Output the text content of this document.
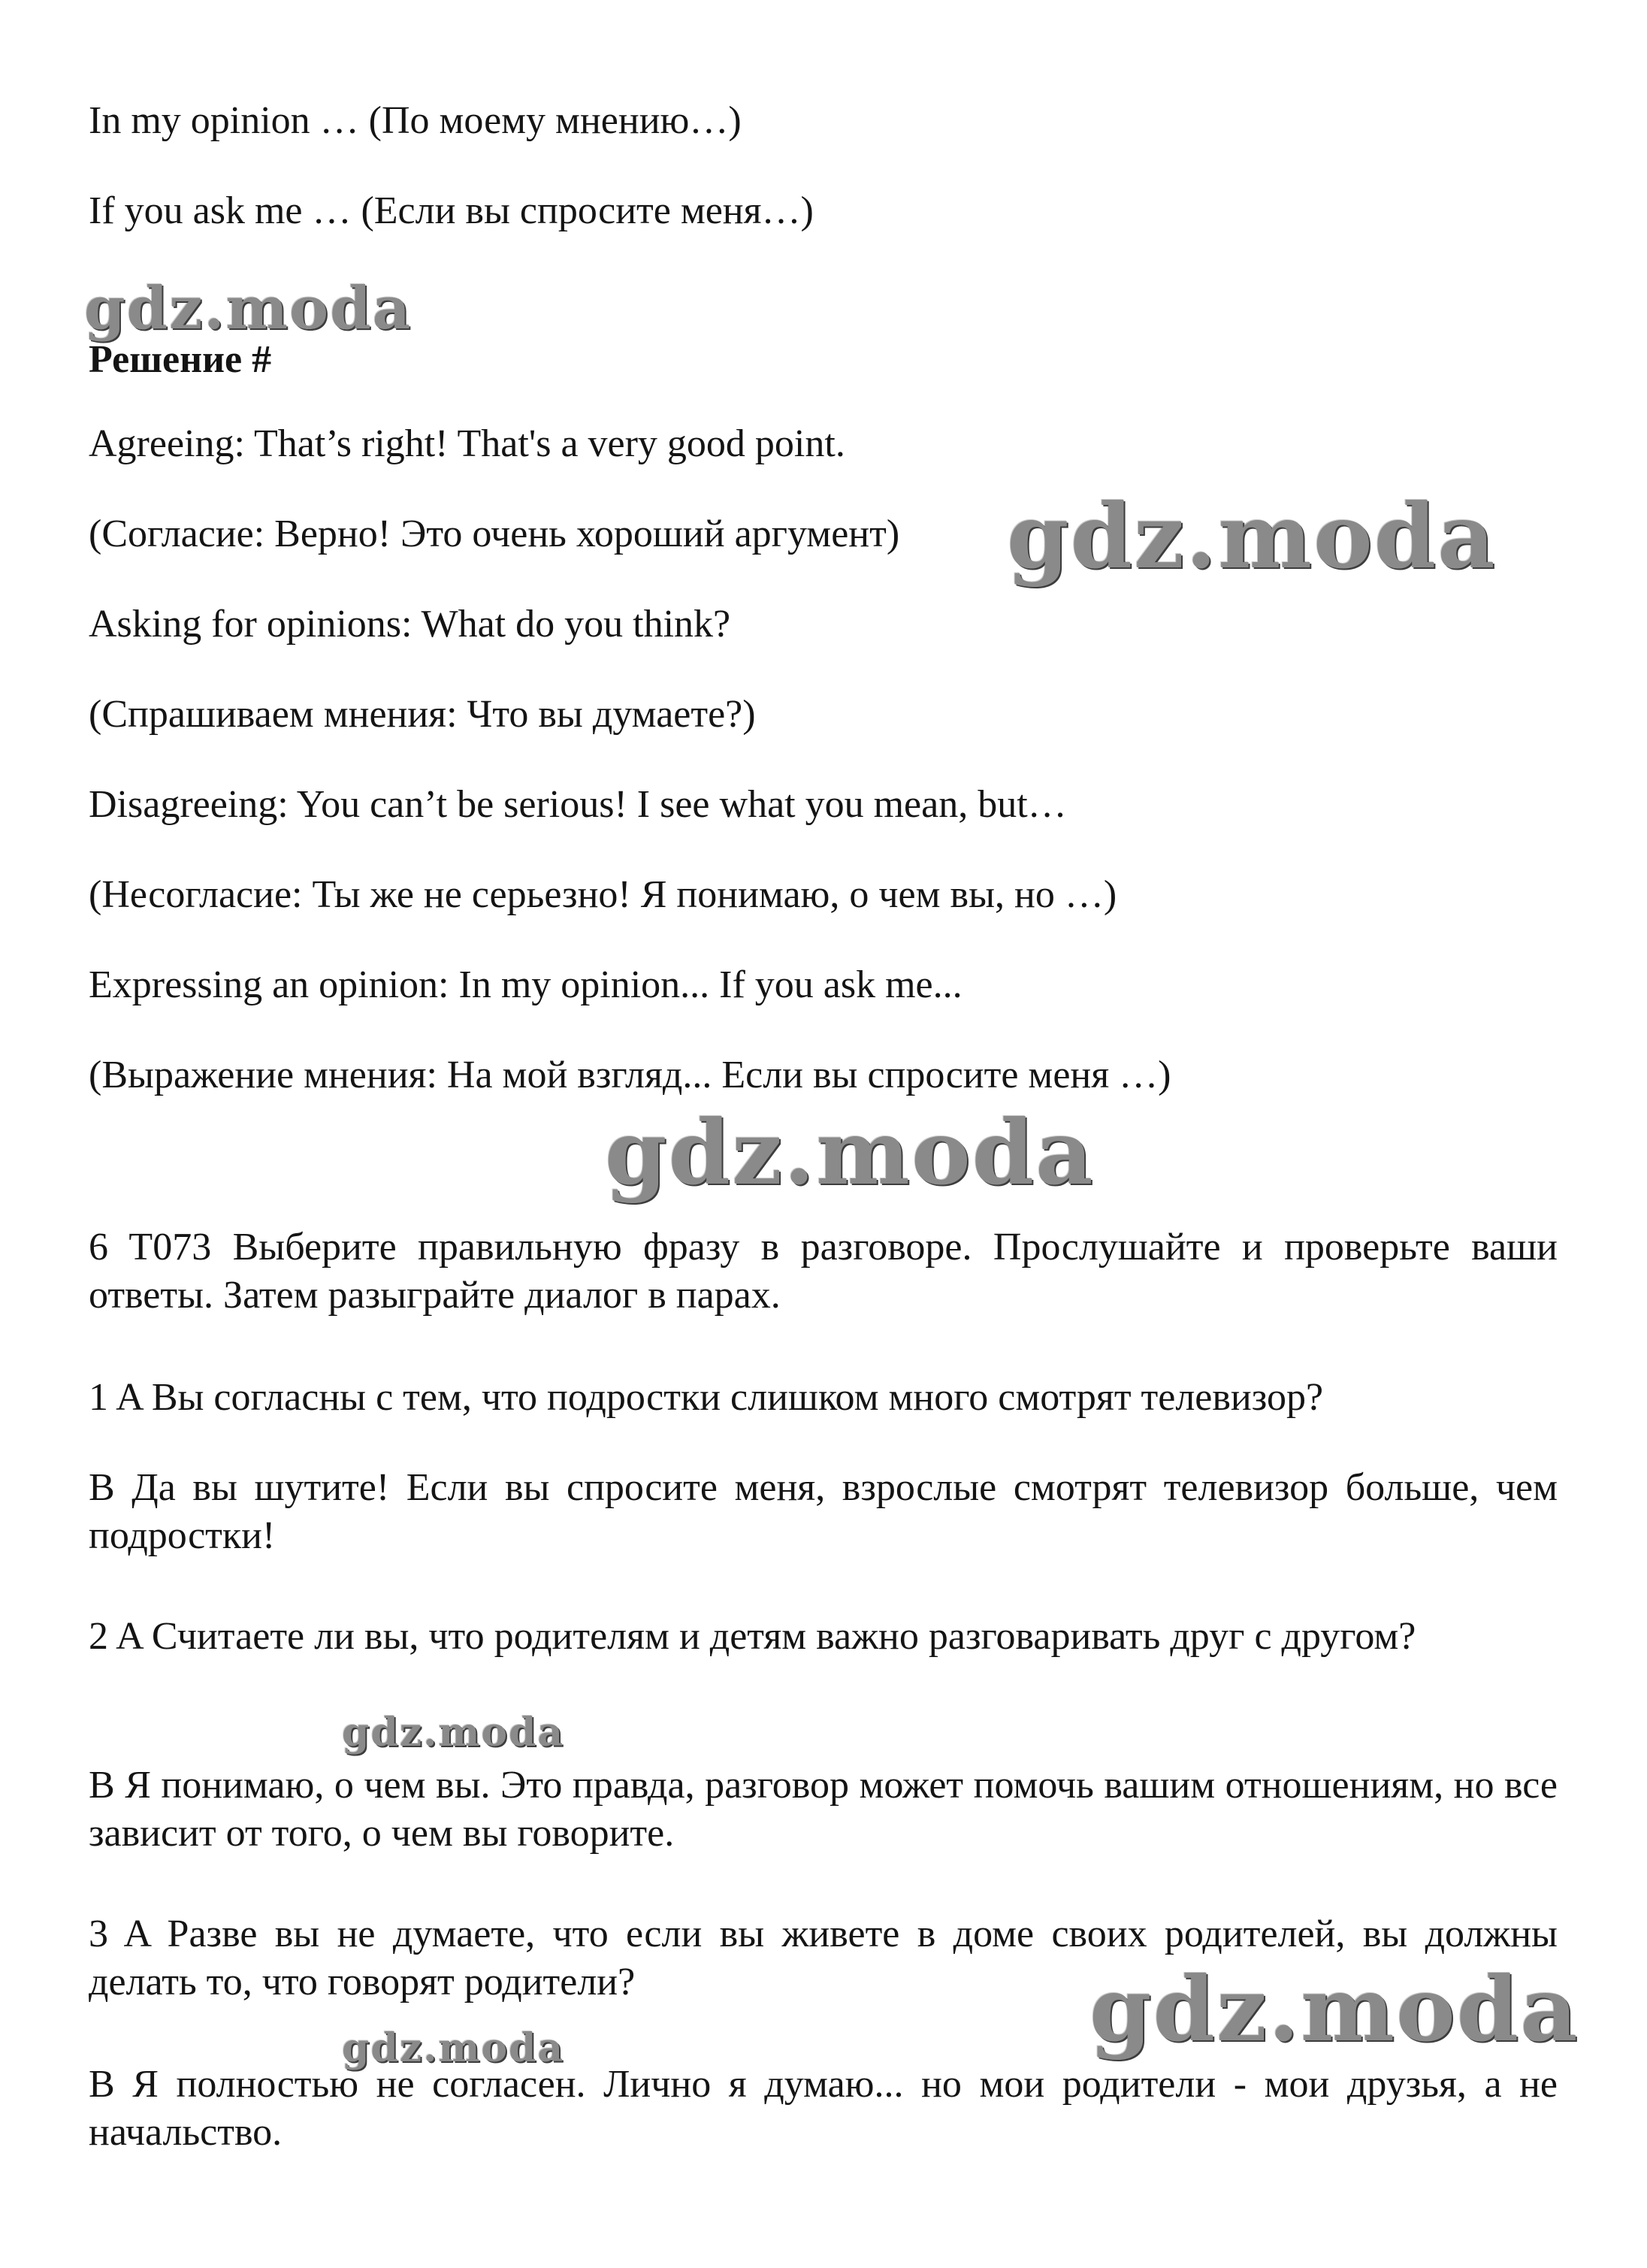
In my opinion … (По моему мнению…)

If you ask me … (Если вы спросите меня…)

gdz.moda

Решение #

Agreeing: That’s right! That's a very good point.

(Согласие: Верно! Это очень хороший аргумент) gdz.moda

Asking for opinions: What do you think?

(Спрашиваем мнения: Что вы думаете?)

Disagreeing: You can’t be serious! I see what you mean, but…

(Несогласие: Ты же не серьезно! Я понимаю, о чем вы, но …)

Expressing an opinion: In my opinion... If you ask me...

(Выражение мнения: На мой взгляд... Если вы спросите меня …)

gdz.moda

6 T073 Выберите правильную фразу в разговоре. Прослушайте и проверьте ваши ответы. Затем разыграйте диалог в парах.

1 A Вы согласны с тем, что подростки слишком много смотрят телевизор?

B Да вы шутите! Если вы спросите меня, взрослые смотрят телевизор больше, чем подростки!

2 A Считаете ли вы, что родителям и детям важно разговаривать друг с другом?

gdz.moda

B Я понимаю, о чем вы. Это правда, разговор может помочь вашим отношениям, но все зависит от того, о чем вы говорите.

3 A Разве вы не думаете, что если вы живете в доме своих родителей, вы должны делать то, что говорят родители?	gdz.moda
gdz.moda

B Я полностью не согласен. Лично я думаю... но мои родители - мои друзья, а не начальство.
